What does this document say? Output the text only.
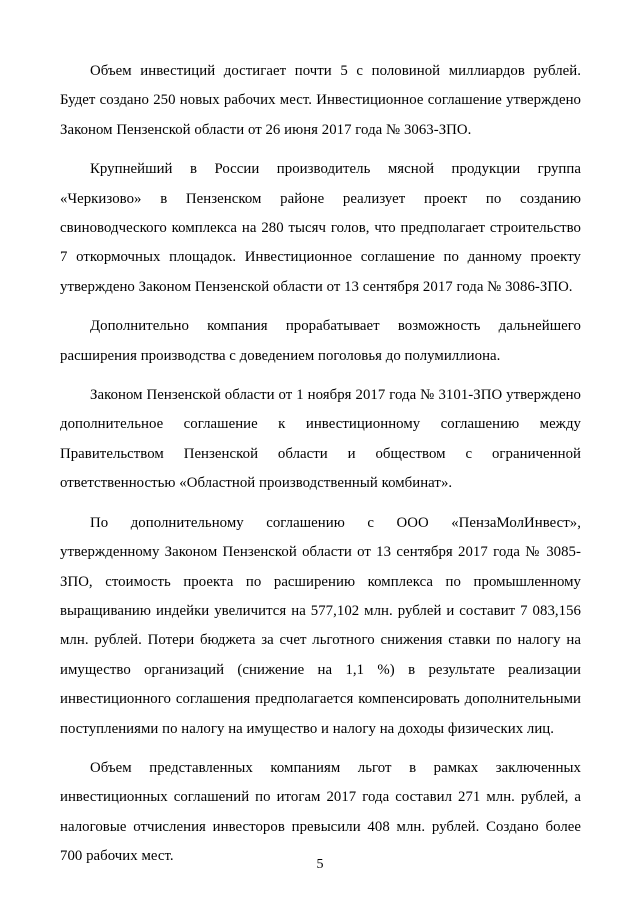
Объем инвестиций достигает почти 5 с половиной миллиардов рублей. Будет создано 250 новых рабочих мест. Инвестиционное соглашение утверждено Законом Пензенской области от 26 июня 2017 года № 3063-ЗПО.

Крупнейший в России производитель мясной продукции группа «Черкизово» в Пензенском районе реализует проект по созданию свиноводческого комплекса на 280 тысяч голов, что предполагает строительство 7 откормочных площадок. Инвестиционное соглашение по данному проекту утверждено Законом Пензенской области от 13 сентября 2017 года № 3086-ЗПО.

Дополнительно компания прорабатывает возможность дальнейшего расширения производства с доведением поголовья до полумиллиона.

Законом Пензенской области от 1 ноября 2017 года № 3101-ЗПО утверждено дополнительное соглашение к инвестиционному соглашению между Правительством Пензенской области и обществом с ограниченной ответственностью «Областной производственный комбинат».

По дополнительному соглашению с ООО «ПензаМолИнвест», утвержденному Законом Пензенской области от 13 сентября 2017 года № 3085-ЗПО, стоимость проекта по расширению комплекса по промышленному выращиванию индейки увеличится на 577,102 млн. рублей и составит 7 083,156 млн. рублей. Потери бюджета за счет льготного снижения ставки по налогу на имущество организаций (снижение на 1,1 %) в результате реализации инвестиционного соглашения предполагается компенсировать дополнительными поступлениями по налогу на имущество и налогу на доходы физических лиц.

Объем представленных компаниям льгот в рамках заключенных инвестиционных соглашений по итогам 2017 года составил 271 млн. рублей, а налоговые отчисления инвесторов превысили 408 млн. рублей. Создано более 700 рабочих мест.

5
